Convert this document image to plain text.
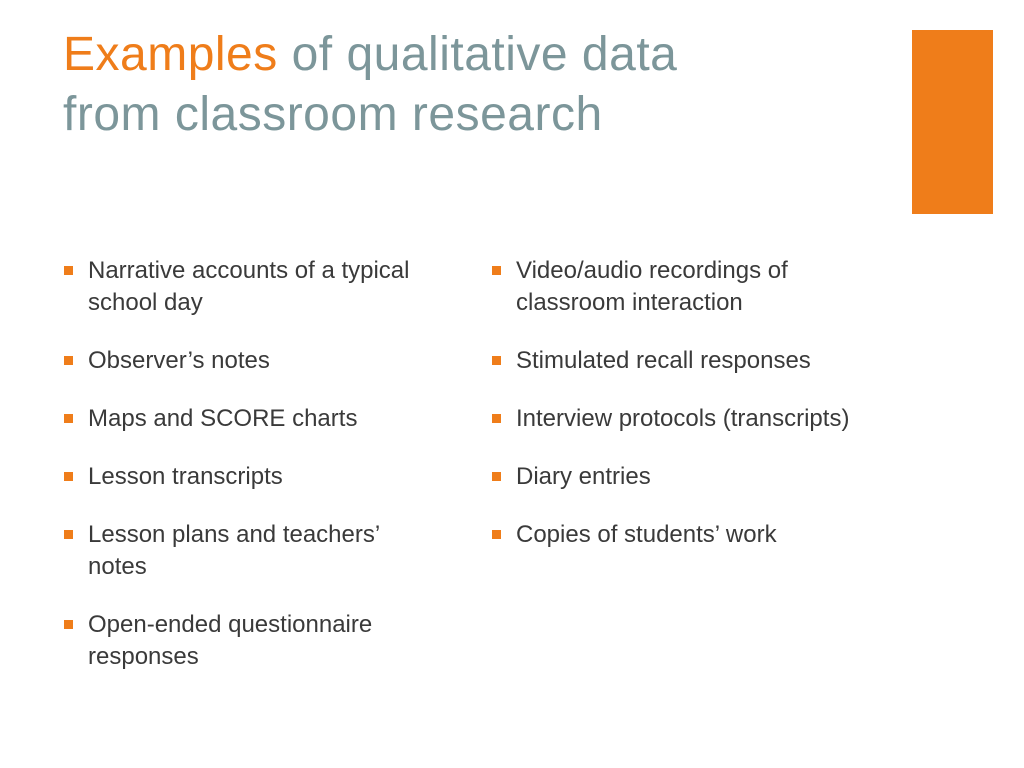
Examples of qualitative data
from classroom research
Narrative accounts of a typical school day
Observer’s notes
Maps and SCORE charts
Lesson transcripts
Lesson plans and teachers’ notes
Open-ended questionnaire responses
Video/audio recordings of classroom interaction
Stimulated recall responses
Interview protocols (transcripts)
Diary entries
Copies of students’ work
